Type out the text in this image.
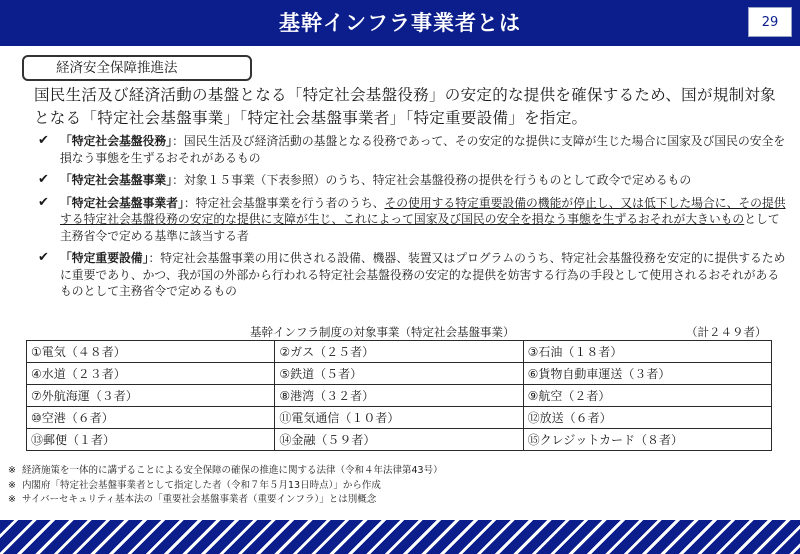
基幹インフラ事業者とは	29
経済安全保障推進法
国民生活及び経済活動の基盤となる「特定社会基盤役務」の安定的な提供を確保するため、国が規制対象となる「特定社会基盤事業」「特定社会基盤事業者」「特定重要設備」を指定。
✔ 「特定社会基盤役務」：国民生活及び経済活動の基盤となる役務であって、その安定的な提供に支障が生じた場合に国家及び国民の安全を損なう事態を生ずるおそれがあるもの
✔ 「特定社会基盤事業」：対象１５事業（下表参照）のうち、特定社会基盤役務の提供を行うものとして政令で定めるもの
✔ 「特定社会基盤事業者」：特定社会基盤事業を行う者のうち、その使用する特定重要設備の機能が停止し、又は低下した場合に、その提供する特定社会基盤役務の安定的な提供に支障が生じ、これによって国家及び国民の安全を損なう事態を生ずるおそれが大きいものとして主務省令で定める基準に該当する者
✔ 「特定重要設備」：特定社会基盤事業の用に供される設備、機器、装置又はプログラムのうち、特定社会基盤役務を安定的に提供するために重要であり、かつ、我が国の外部から行われる特定社会基盤役務の安定的な提供を妨害する行為の手段として使用されるおそれがあるものとして主務省令で定めるもの
基幹インフラ制度の対象事業（特定社会基盤事業）	（計２４９者）
①電気（４８者）	②ガス（２５者）	③石油（１８者）
④水道（２３者）	⑤鉄道（５者）	⑥貨物自動車運送（３者）
⑦外航海運（３者）	⑧港湾（３２者）	⑨航空（２者）
⑩空港（６者）	⑪電気通信（１０者）	⑫放送（６者）
⑬郵便（１者）	⑭金融（５９者）	⑮クレジットカード（８者）
※ 経済施策を一体的に講ずることによる安全保障の確保の推進に関する法律（令和４年法律第43号）
※ 内閣府「特定社会基盤事業者として指定した者（令和７年５月13日時点）」から作成
※ サイバーセキュリティ基本法の「重要社会基盤事業者（重要インフラ）」とは別概念
